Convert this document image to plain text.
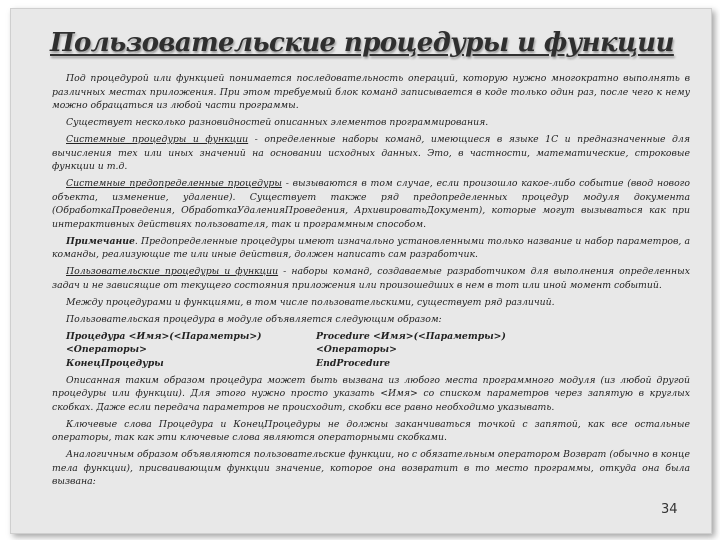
Пользовательские процедуры и функции

Под процедурой или функцией понимается последовательность операций, которую нужно многократно выполнять в различных местах приложения. При этом требуемый блок команд записывается в коде только один раз, после чего к нему можно обращаться из любой части программы.

Существует несколько разновидностей описанных элементов программирования.

Системные процедуры и функции - определенные наборы команд, имеющиеся в языке 1С и предназначенные для вычисления тех или иных значений на основании исходных данных. Это, в частности, математические, строковые функции и т.д.

Системные предопределенные процедуры - вызываются в том случае, если произошло какое-либо событие (ввод нового объекта, изменение, удаление). Существует также ряд предопределенных процедур модуля документа (ОбработкаПроведения, ОбработкаУдаленияПроведения, АрхивироватьДокумент), которые могут вызываться как при интерактивных действиях пользователя, так и программным способом.

Примечание. Предопределенные процедуры имеют изначально установленными только название и набор параметров, а команды, реализующие те или иные действия, должен написать сам разработчик.

Пользовательские процедуры и функции - наборы команд, создаваемые разработчиком для выполнения определенных задач и не зависящие от текущего состояния приложения или произошедших в нем в тот или иной момент событий.

Между процедурами и функциями, в том числе пользовательскими, существует ряд различий.

Пользовательская процедура в модуле объявляется следующим образом:

Процедура <Имя>(<Параметры>)	Procedure <Имя>(<Параметры>)
<Операторы>	<Операторы>
КонецПроцедуры	EndProcedure

Описанная таким образом процедура может быть вызвана из любого места программного модуля (из любой другой процедуры или функции). Для этого нужно просто указать <Имя> со списком параметров через запятую в круглых скобках. Даже если передача параметров не происходит, скобки все равно необходимо указывать.

Ключевые слова Процедура и КонецПроцедуры не должны заканчиваться точкой с запятой, как все остальные операторы, так как эти ключевые слова являются операторными скобками.

Аналогичным образом объявляются пользовательские функции, но с обязательным оператором Возврат (обычно в конце тела функции), присваивающим функции значение, которое она возвратит в то место программы, откуда она была вызвана:

34
